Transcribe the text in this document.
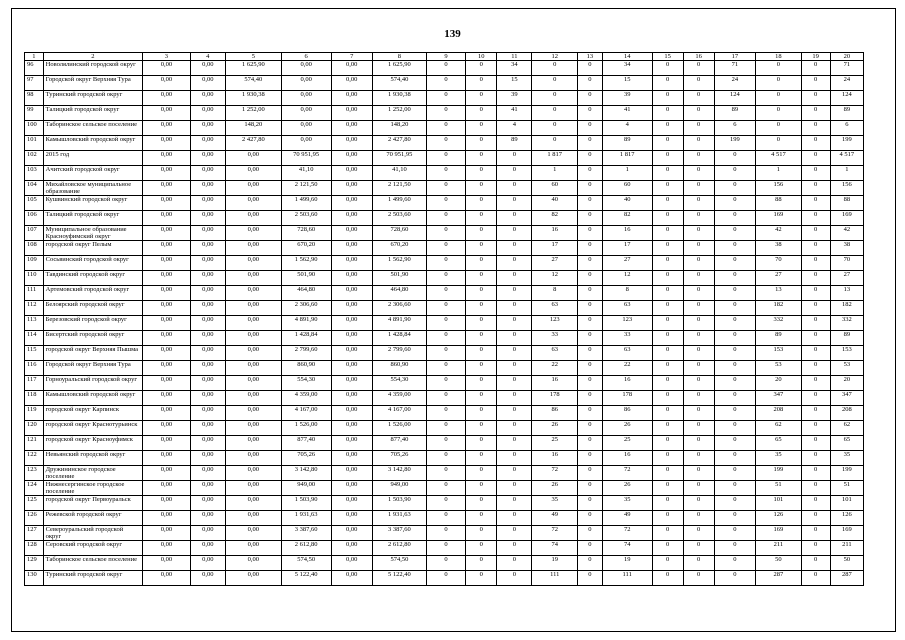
139
1	2	3	4	5	6	7	8	9	10	11	12	13	14	15	16	17	18	19	20
96	Новолялинский городской округ	0,00	0,00	1 625,90	0,00	0,00	1 625,90	0	0	34	0	0	34	0	0	71	0	0	71
97	Городской округ Верхняя Тура	0,00	0,00	574,40	0,00	0,00	574,40	0	0	15	0	0	15	0	0	24	0	0	24
98	Туринский городской округ	0,00	0,00	1 930,38	0,00	0,00	1 930,38	0	0	39	0	0	39	0	0	124	0	0	124
99	Талицкий городской округ	0,00	0,00	1 252,00	0,00	0,00	1 252,00	0	0	41	0	0	41	0	0	89	0	0	89
100	Таборинское сельское поселение	0,00	0,00	148,20	0,00	0,00	148,20	0	0	4	0	0	4	0	0	6	0	0	6
101	Камышловский городской округ	0,00	0,00	2 427,80	0,00	0,00	2 427,80	0	0	89	0	0	89	0	0	199	0	0	199
102	2015 год	0,00	0,00	0,00	70 951,95	0,00	70 951,95	0	0	0	1 817	0	1 817	0	0	0	4 517	0	4 517
103	Ачитский городской округ	0,00	0,00	0,00	41,10	0,00	41,10	0	0	0	1	0	1	0	0	0	1	0	1
104	Михайловское муниципальное образование	0,00	0,00	0,00	2 121,50	0,00	2 121,50	0	0	0	60	0	60	0	0	0	156	0	156
105	Кушвинский городской округ	0,00	0,00	0,00	1 499,60	0,00	1 499,60	0	0	0	40	0	40	0	0	0	88	0	88
106	Талицкий городской округ	0,00	0,00	0,00	2 503,60	0,00	2 503,60	0	0	0	82	0	82	0	0	0	169	0	169
107	Муниципальное образование Красноуфимский округ	0,00	0,00	0,00	728,60	0,00	728,60	0	0	0	16	0	16	0	0	0	42	0	42
108	городской округ Пелым	0,00	0,00	0,00	670,20	0,00	670,20	0	0	0	17	0	17	0	0	0	38	0	38
109	Сосьвинский городской округ	0,00	0,00	0,00	1 562,90	0,00	1 562,90	0	0	0	27	0	27	0	0	0	70	0	70
110	Тавдинский городской округ	0,00	0,00	0,00	501,90	0,00	501,90	0	0	0	12	0	12	0	0	0	27	0	27
111	Артемовский городской округ	0,00	0,00	0,00	464,80	0,00	464,80	0	0	0	8	0	8	0	0	0	13	0	13
112	Белоярский городской округ	0,00	0,00	0,00	2 306,60	0,00	2 306,60	0	0	0	63	0	63	0	0	0	182	0	182
113	Березовский городской округ	0,00	0,00	0,00	4 891,90	0,00	4 891,90	0	0	0	123	0	123	0	0	0	332	0	332
114	Бисертский городской округ	0,00	0,00	0,00	1 428,84	0,00	1 428,84	0	0	0	33	0	33	0	0	0	89	0	89
115	городской округ Верхняя Пышма	0,00	0,00	0,00	2 799,60	0,00	2 799,60	0	0	0	63	0	63	0	0	0	153	0	153
116	Городской округ Верхняя Тура	0,00	0,00	0,00	860,90	0,00	860,90	0	0	0	22	0	22	0	0	0	53	0	53
117	Горноуральский городской округ	0,00	0,00	0,00	554,30	0,00	554,30	0	0	0	16	0	16	0	0	0	20	0	20
118	Камышловский городской округ	0,00	0,00	0,00	4 359,00	0,00	4 359,00	0	0	0	178	0	178	0	0	0	347	0	347
119	городской округ Карпинск	0,00	0,00	0,00	4 167,00	0,00	4 167,00	0	0	0	86	0	86	0	0	0	208	0	208
120	городской округ Краснотурьинск	0,00	0,00	0,00	1 526,00	0,00	1 526,00	0	0	0	26	0	26	0	0	0	62	0	62
121	городской округ Красноуфимск	0,00	0,00	0,00	877,40	0,00	877,40	0	0	0	25	0	25	0	0	0	65	0	65
122	Невьянский городской округ	0,00	0,00	0,00	705,26	0,00	705,26	0	0	0	16	0	16	0	0	0	35	0	35
123	Дружининское городское поселение	0,00	0,00	0,00	3 142,80	0,00	3 142,80	0	0	0	72	0	72	0	0	0	199	0	199
124	Нижнесергинское городское поселение	0,00	0,00	0,00	949,00	0,00	949,00	0	0	0	26	0	26	0	0	0	51	0	51
125	городской округ Первоуральск	0,00	0,00	0,00	1 503,90	0,00	1 503,90	0	0	0	35	0	35	0	0	0	101	0	101
126	Режевской городской округ	0,00	0,00	0,00	1 931,63	0,00	1 931,63	0	0	0	49	0	49	0	0	0	126	0	126
127	Североуральский городской округ	0,00	0,00	0,00	3 387,60	0,00	3 387,60	0	0	0	72	0	72	0	0	0	169	0	169
128	Серовский городской округ	0,00	0,00	0,00	2 612,80	0,00	2 612,80	0	0	0	74	0	74	0	0	0	211	0	211
129	Таборинское сельское поселение	0,00	0,00	0,00	574,50	0,00	574,50	0	0	0	19	0	19	0	0	0	50	0	50
130	Туринский городской округ	0,00	0,00	0,00	5 122,40	0,00	5 122,40	0	0	0	111	0	111	0	0	0	287	0	287
